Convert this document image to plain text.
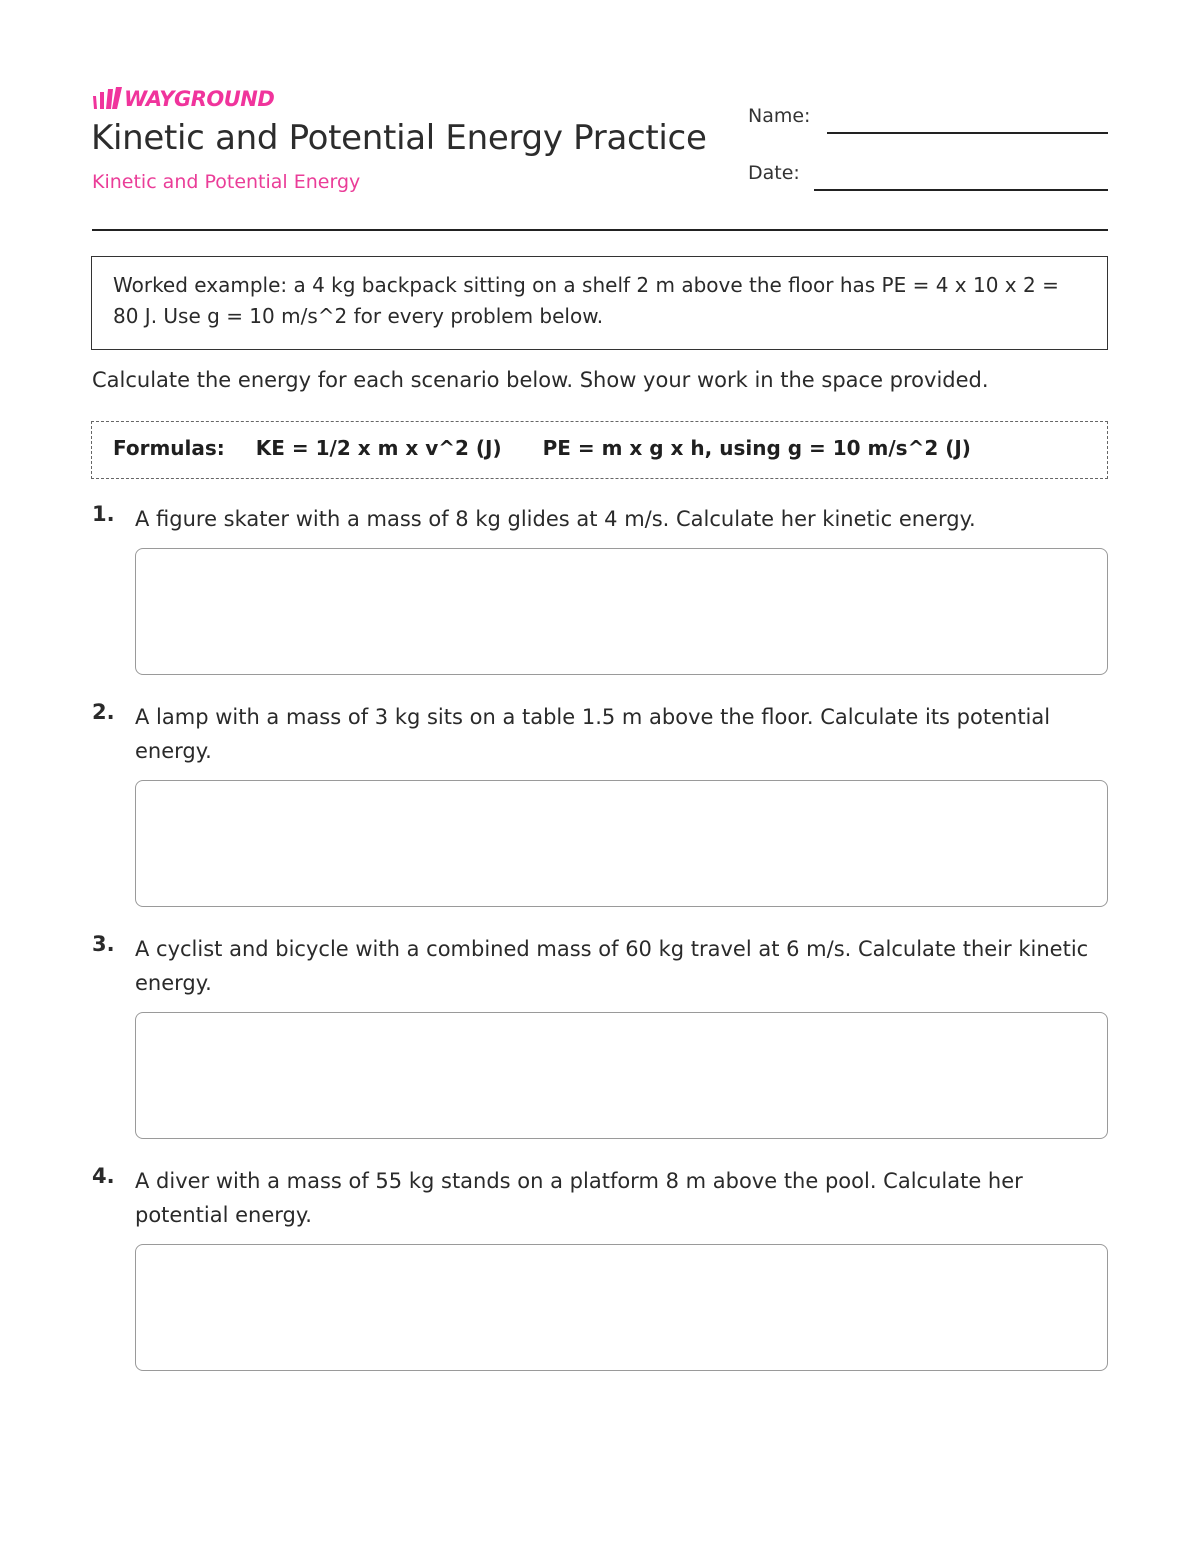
WAYGROUND
Kinetic and Potential Energy Practice
Kinetic and Potential Energy
Name:
Date:

Worked example: a 4 kg backpack sitting on a shelf 2 m above the floor has PE = 4 x 10 x 2 = 80 J. Use g = 10 m/s^2 for every problem below.

Calculate the energy for each scenario below. Show your work in the space provided.
Formulas: KE = 1/2 x m x v^2 (J) PE = m x g x h, using g = 10 m/s^2 (J)
1. A figure skater with a mass of 8 kg glides at 4 m/s. Calculate her kinetic energy.

2. A lamp with a mass of 3 kg sits on a table 1.5 m above the floor. Calculate its potential energy.

3. A cyclist and bicycle with a combined mass of 60 kg travel at 6 m/s. Calculate their kinetic energy.

4. A diver with a mass of 55 kg stands on a platform 8 m above the pool. Calculate her potential energy.
